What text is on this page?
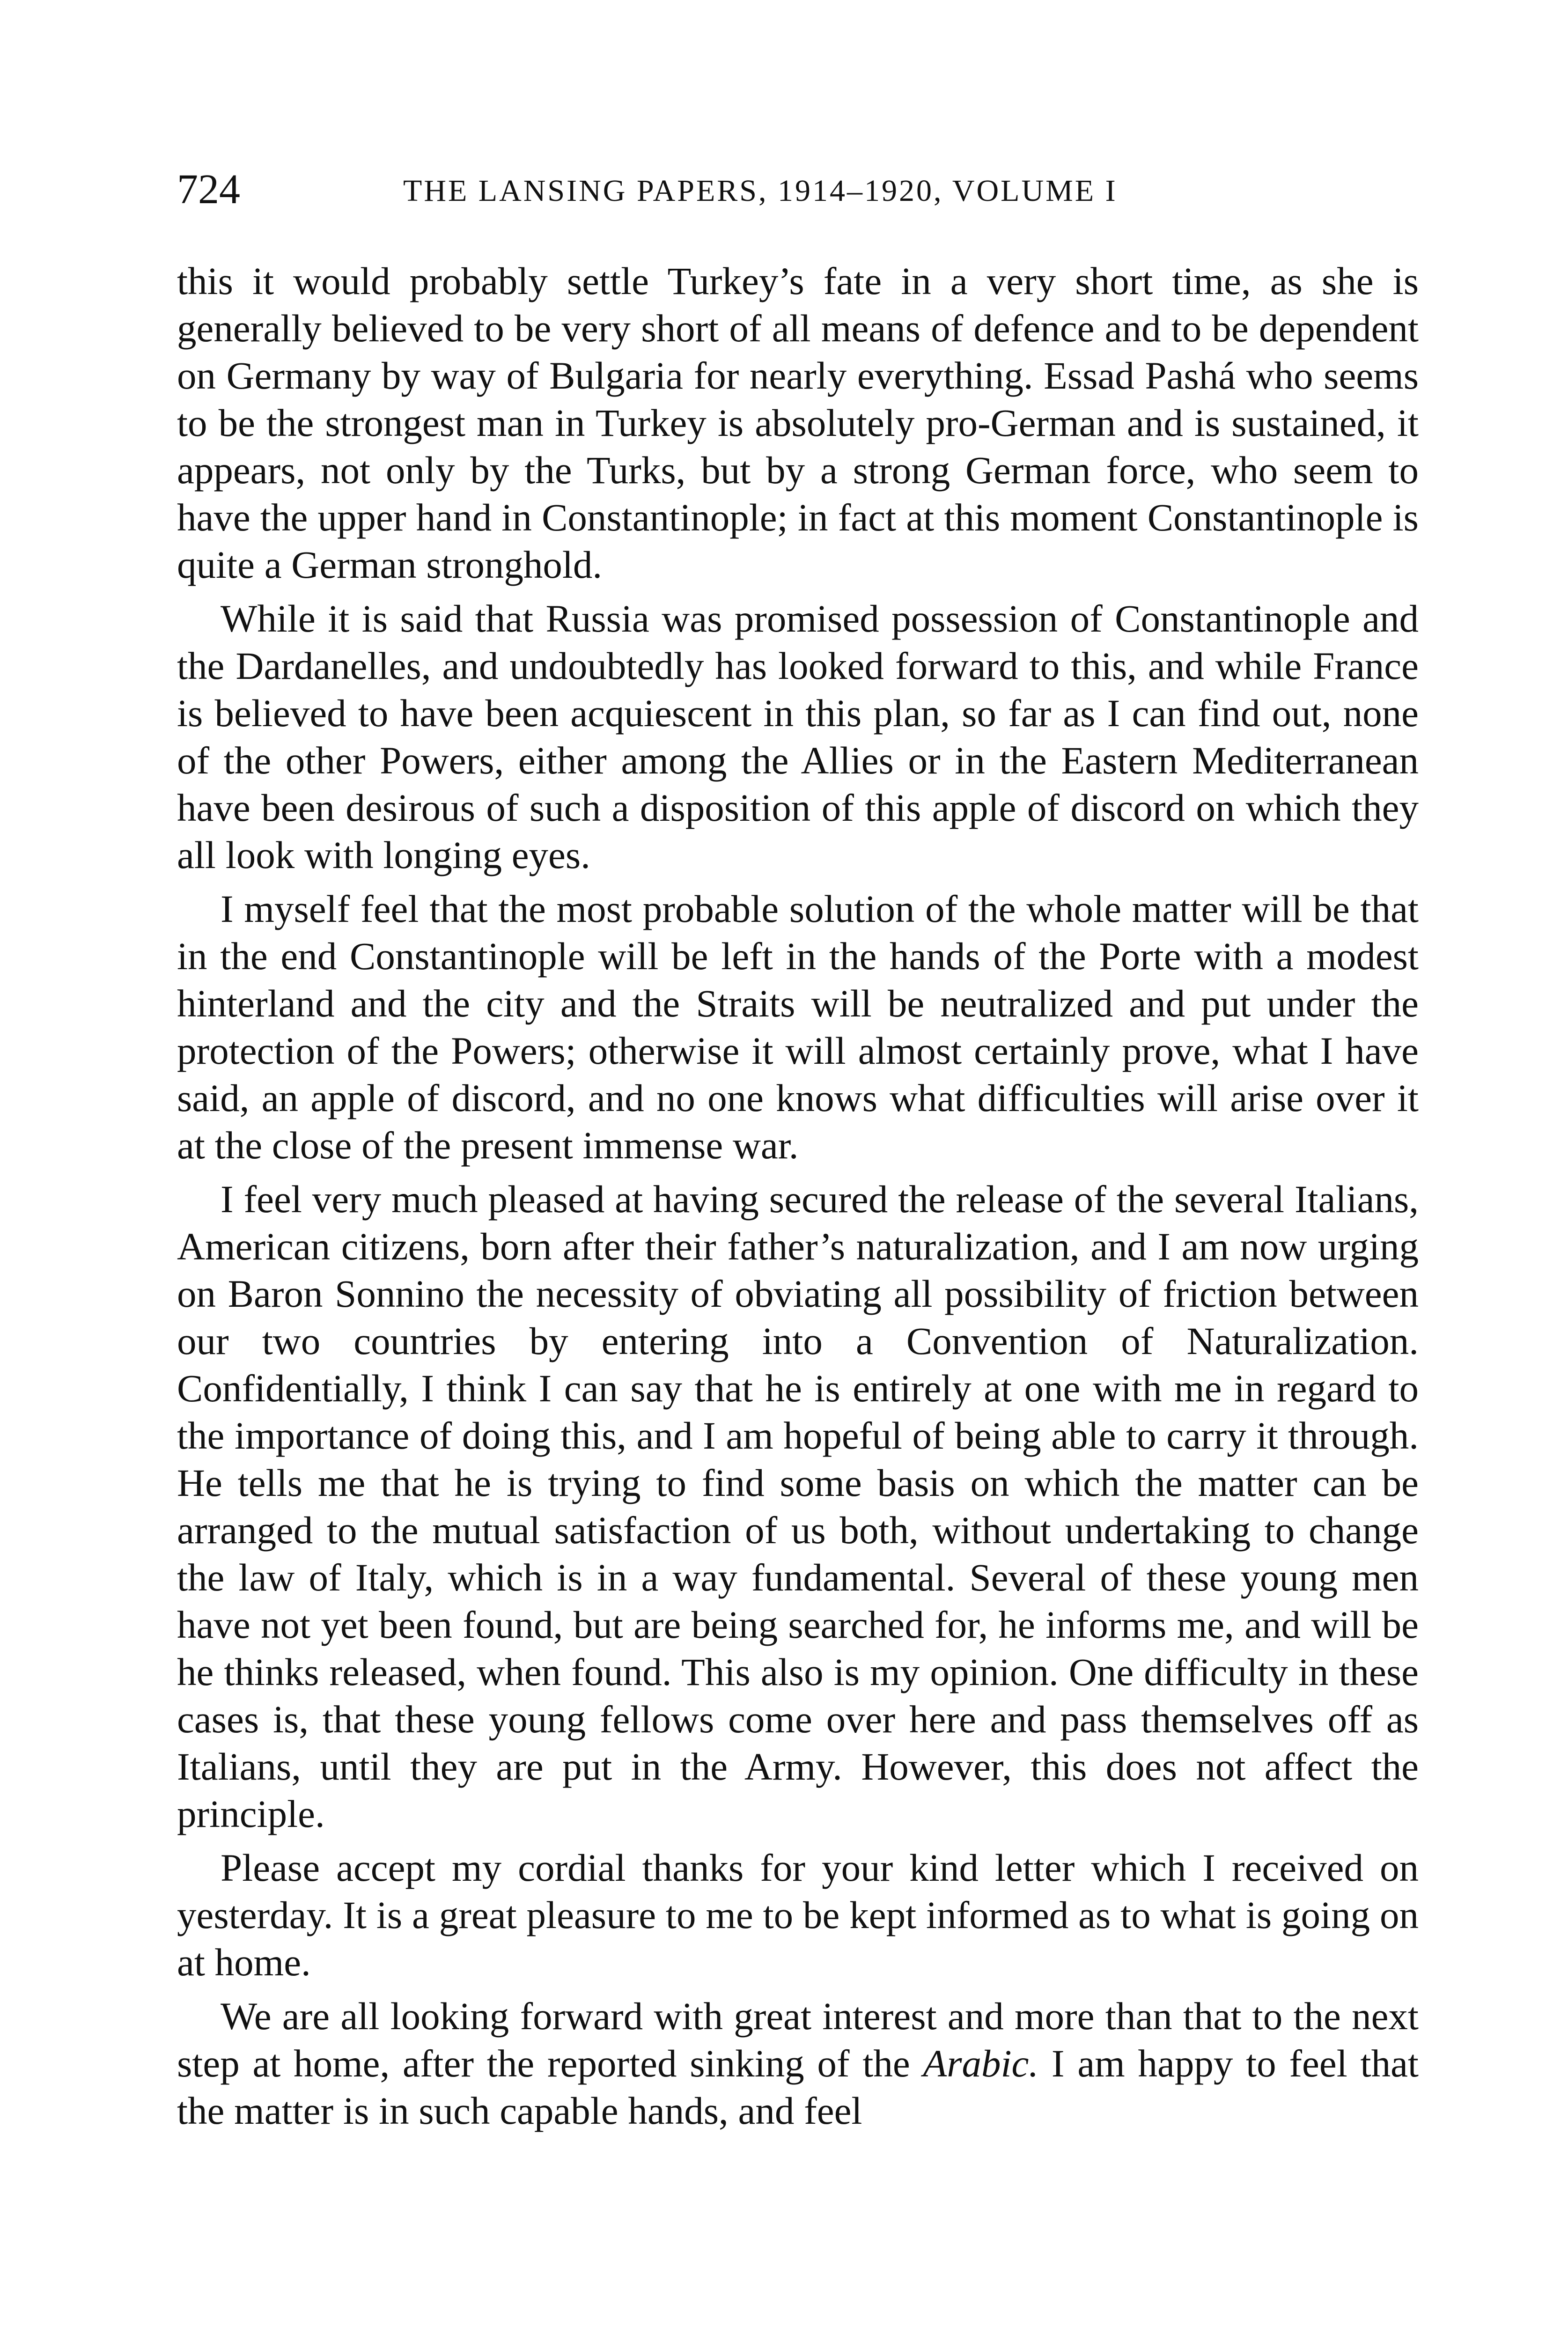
724	THE LANSING PAPERS, 1914–1920, VOLUME I

this it would probably settle Turkey’s fate in a very short time, as she is generally believed to be very short of all means of defence and to be dependent on Germany by way of Bulgaria for nearly everything. Essad Pashá who seems to be the strongest man in Turkey is absolutely pro-German and is sustained, it appears, not only by the Turks, but by a strong German force, who seem to have the upper hand in Constantinople; in fact at this moment Constantinople is quite a German stronghold.

While it is said that Russia was promised possession of Constantinople and the Dardanelles, and undoubtedly has looked forward to this, and while France is believed to have been acquiescent in this plan, so far as I can find out, none of the other Powers, either among the Allies or in the Eastern Mediterranean have been desirous of such a disposition of this apple of discord on which they all look with longing eyes.

I myself feel that the most probable solution of the whole matter will be that in the end Constantinople will be left in the hands of the Porte with a modest hinterland and the city and the Straits will be neutralized and put under the protection of the Powers; otherwise it will almost certainly prove, what I have said, an apple of discord, and no one knows what difficulties will arise over it at the close of the present immense war.

I feel very much pleased at having secured the release of the several Italians, American citizens, born after their father’s naturalization, and I am now urging on Baron Sonnino the necessity of obviating all possibility of friction between our two countries by entering into a Convention of Naturalization. Confidentially, I think I can say that he is entirely at one with me in regard to the importance of doing this, and I am hopeful of being able to carry it through. He tells me that he is trying to find some basis on which the matter can be arranged to the mutual satisfaction of us both, without undertaking to change the law of Italy, which is in a way fundamental. Several of these young men have not yet been found, but are being searched for, he informs me, and will be he thinks released, when found. This also is my opinion. One difficulty in these cases is, that these young fellows come over here and pass themselves off as Italians, until they are put in the Army. However, this does not affect the principle.

Please accept my cordial thanks for your kind letter which I received on yesterday. It is a great pleasure to me to be kept informed as to what is going on at home.

We are all looking forward with great interest and more than that to the next step at home, after the reported sinking of the Arabic. I am happy to feel that the matter is in such capable hands, and feel
